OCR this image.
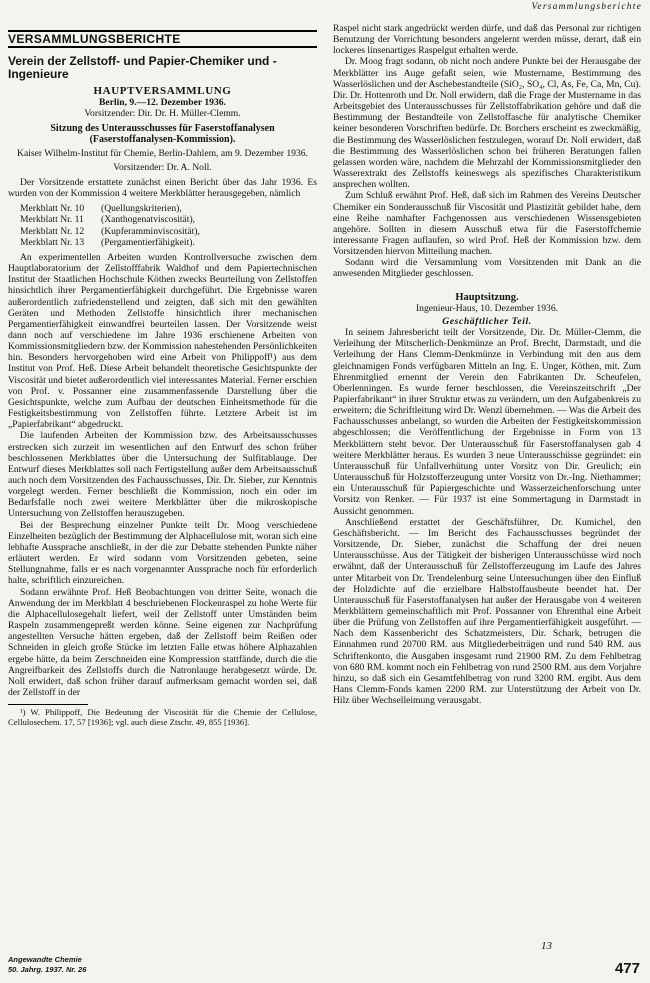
Versammlungsberichte
VERSAMMLUNGSBERICHTE
Verein der Zellstoff- und Papier-Chemiker und -Ingenieure
HAUPTVERSAMMLUNG
Berlin, 9.—12. Dezember 1936.
Vorsitzender: Dir. Dr. H. Müller-Clemm.
Sitzung des Unterausschusses für Faserstoffanalysen (Faserstoffanalysen-Kommission).
Kaiser Wilhelm-Institut für Chemie, Berlin-Dahlem, am 9. Dezember 1936.
Vorsitzender: Dr. A. Noll.

Der Vorsitzende erstattete zunächst einen Bericht über das Jahr 1936. Es wurden von der Kommission 4 weitere Merkblätter herausgegeben, nämlich

Merkblatt Nr. 10	(Quellungskriterien),
Merkblatt Nr. 11	(Xanthogenatviscosität),
Merkblatt Nr. 12	(Kupferamminviscosität),
Merkblatt Nr. 13	(Pergamentierfähigkeit).

An experimentellen Arbeiten wurden Kontrollversuche zwischen dem Hauptlaboratorium der Zellstofffabrik Waldhof und dem Papiertechnischen Institut der Staatlichen Hochschule Köthen zwecks Beurteilung von Zellstoffen hinsichtlich ihrer Pergamentierfähigkeit durchgeführt. Die Ergebnisse waren außerordentlich zufriedenstellend und zeigten, daß sich mit den gewählten Geräten und Methoden Zellstoffe hinsichtlich ihrer mechanischen Pergamentierfähigkeit einwandfrei beurteilen lassen. Der Vorsitzende weist dann noch auf verschiedene im Jahre 1936 erschienene Arbeiten von Kommissionsmitgliedern bzw. der Kommission nahestehenden Persönlichkeiten hin. Besonders hervorgehoben wird eine Arbeit von Philippoff¹) aus dem Institut von Prof. Heß. Diese Arbeit behandelt theoretische Gesichtspunkte der Viscosität und bietet außerordentlich viel interessantes Material. Ferner erschien von Prof. v. Possanner eine zusammenfassende Darstellung über die Gesichtspunkte, welche zum Aufbau der deutschen Einheitsmethode für die Festigkeitsbestimmung von Zellstoffen führte. Letztere Arbeit ist im „Papierfabrikant“ abgedruckt.

Die laufenden Arbeiten der Kommission bzw. des Arbeitsausschusses erstrecken sich zurzeit im wesentlichen auf den Entwurf des schon früher beschlossenen Merkblattes über die Untersuchung der Sulfitablauge. Der Entwurf dieses Merkblattes soll nach Fertigstellung außer dem Arbeitsausschuß auch noch dem Vorsitzenden des Fachausschusses, Dir. Dr. Sieber, zur Kenntnis vorgelegt werden. Ferner beschließt die Kommission, noch ein oder im Bedarfsfalle noch zwei weitere Merkblätter über die mikroskopische Untersuchung von Zellstoffen herauszugeben.

Bei der Besprechung einzelner Punkte teilt Dr. Moog verschiedene Einzelheiten bezüglich der Bestimmung der Alphacellulose mit, woran sich eine lebhafte Aussprache anschließt, in der die zur Debatte stehenden Punkte näher erläutert werden. Er wird sodann vom Vorsitzenden gebeten, seine Stellungnahme, falls er es nach vorgenannter Aussprache noch für erforderlich halte, schriftlich einzureichen.

Sodann erwähnte Prof. Heß Beobachtungen von dritter Seite, wonach die Anwendung der im Merkblatt 4 beschriebenen Flockenraspel zu hohe Werte für die Alphacellulosegehalt liefert, weil der Zellstoff unter Umständen beim Raspeln zusammengepreßt werden könne. Seine eigenen zur Nachprüfung angestellten Versuche hätten ergeben, daß der Zellstoff beim Reißen oder Schneiden in gleich große Stücke im letzten Falle etwas höhere Alphazahlen ergebe hätte, da beim Zerschneiden eine Kompression stattfände, durch die die Angreifbarkeit des Zellstoffs durch die Natronlauge herabgesetzt würde. Dr. Noll erwidert, daß schon früher darauf aufmerksam gemacht worden sei, daß der Zellstoff in der

¹) W. Philippoff, Die Bedeutung der Viscosität für die Chemie der Cellulose, Cellulosechem. 17, 57 [1936]; vgl. auch diese Ztschr. 49, 855 [1936].

Raspel nicht stark angedrückt werden dürfe, und daß das Personal zur richtigen Benutzung der Vorrichtung besonders angelernt werden müsse, derart, daß ein lockeres linsenartiges Raspelgut erhalten werde.

Dr. Moog fragt sodann, ob nicht noch andere Punkte bei der Herausgabe der Merkblätter ins Auge gefaßt seien, wie Mustername, Bestimmung des Wasserlöslichen und der Aschebestandteile (SiO₂, SO₄, Cl, As, Fe, Ca, Mn, Cu). Dir. Dr. Hottenroth und Dr. Noll erwidern, daß die Frage der Mustername in das Arbeitsgebiet des Unterausschusses für Zellstoffabrikation gehöre und daß die Bestimmung der Bestandteile von Zellstoffasche für analytische Chemiker keiner besonderen Vorschriften bedürfe. Dr. Borchers erscheint es zweckmäßig, die Bestimmung des Wasserlöslichen festzulegen, worauf Dr. Noll erwidert, daß die Bestimmung des Wasserlöslichen schon bei früheren Beratungen fallen gelassen worden wäre, nachdem die Mehrzahl der Kommissionsmitglieder den Wasserextrakt des Zellstoffs keineswegs als spezifisches Charakteristikum ansprechen wollten.

Zum Schluß erwähnt Prof. Heß, daß sich im Rahmen des Vereins Deutscher Chemiker ein Sonderausschuß für Viscosität und Plastizität gebildet habe, dem eine Reihe namhafter Fachgenossen aus verschiedenen Wissensgebieten angehöre. Sollten in diesem Ausschuß etwa für die Faserstoffchemie interessante Fragen auflaufen, so wird Prof. Heß der Kommission bzw. dem Vorsitzenden hiervon Mitteilung machen.

Sodann wird die Versammlung vom Vorsitzenden mit Dank an die anwesenden Mitglieder geschlossen.

Hauptsitzung.
Ingenieur-Haus, 10. Dezember 1936.
Geschäftlicher Teil.

In seinem Jahresbericht teilt der Vorsitzende, Dir. Dr. Müller-Clemm, die Verleihung der Mitscherlich-Denkmünze an Prof. Brecht, Darmstadt, und die Verleihung der Hans Clemm-Denkmünze in Verbindung mit den aus dem gleichnamigen Fonds verfügbaren Mitteln an Ing. E. Unger, Köthen, mit. Zum Ehrenmitglied ernennt der Verein den Fabrikanten Dr. Scheufelen, Oberlenningen. Es wurde ferner beschlossen, die Vereinszeitschrift „Der Papierfabrikant“ in ihrer Struktur etwas zu verändern, um den Aufgabenkreis zu erweitern; die Schriftleitung wird Dr. Wenzl übernehmen. — Was die Arbeit des Fachausschusses anbelangt, so wurden die Arbeiten der Festigkeitskommission abgeschlossen; die Veröffentlichung der Ergebnisse in Form von 13 Merkblättern steht bevor. Der Unterausschuß für Faserstoffanalysen gab 4 weitere Merkblätter heraus. Es wurden 3 neue Unterausschüsse gegründet: ein Unterausschuß für Unfallverhütung unter Vorsitz von Dir. Greulich; ein Unterausschuß für Holzstofferzeugung unter Vorsitz von Dr.-Ing. Niethammer; ein Unterausschuß für Papiergeschichte und Wasserzeichenforschung unter Vorsitz von Renker. — Für 1937 ist eine Sommertagung in Darmstadt in Aussicht genommen.

Anschließend erstattet der Geschäftsführer, Dr. Kumichel, den Geschäftsbericht. — Im Bericht des Fachausschusses begründet der Vorsitzende, Dr. Sieber, zunächst die Schaffung der drei neuen Unterausschüsse. Aus der Tätigkeit der bisherigen Unterausschüsse wird noch erwähnt, daß der Unterausschuß für Zellstofferzeugung im Laufe des Jahres unter Mitarbeit von Dr. Trendelenburg seine Untersuchungen über den Einfluß der Holzdichte auf die erzielbare Halbstoffausbeute beendet hat. Der Unterausschuß für Faserstoffanalysen hat außer der Herausgabe von 4 weiteren Merkblättern gemeinschaftlich mit Prof. Possanner von Ehrenthal eine Arbeit über die Prüfung von Zellstoffen auf ihre Pergamentierfähigkeit ausgeführt. — Nach dem Kassenbericht des Schatzmeisters, Dir. Schark, betrugen die Einnahmen rund 20700 RM. aus Mitgliederbeiträgen und rund 540 RM. aus Schriftenkonto, die Ausgaben insgesamt rund 21900 RM. Zu dem Fehlbetrag von 680 RM. kommt noch ein Fehlbetrag von rund 2500 RM. aus dem Vorjahre hinzu, so daß sich ein Gesamtfehlbetrag von rund 3200 RM. ergibt. Aus dem Hans Clemm-Fonds kamen 2200 RM. zur Unterstützung der Arbeit von Dr. Hilz über Wechselleimung verausgabt.

13
Angewandte Chemie
50. Jahrg. 1937. Nr. 26	477
